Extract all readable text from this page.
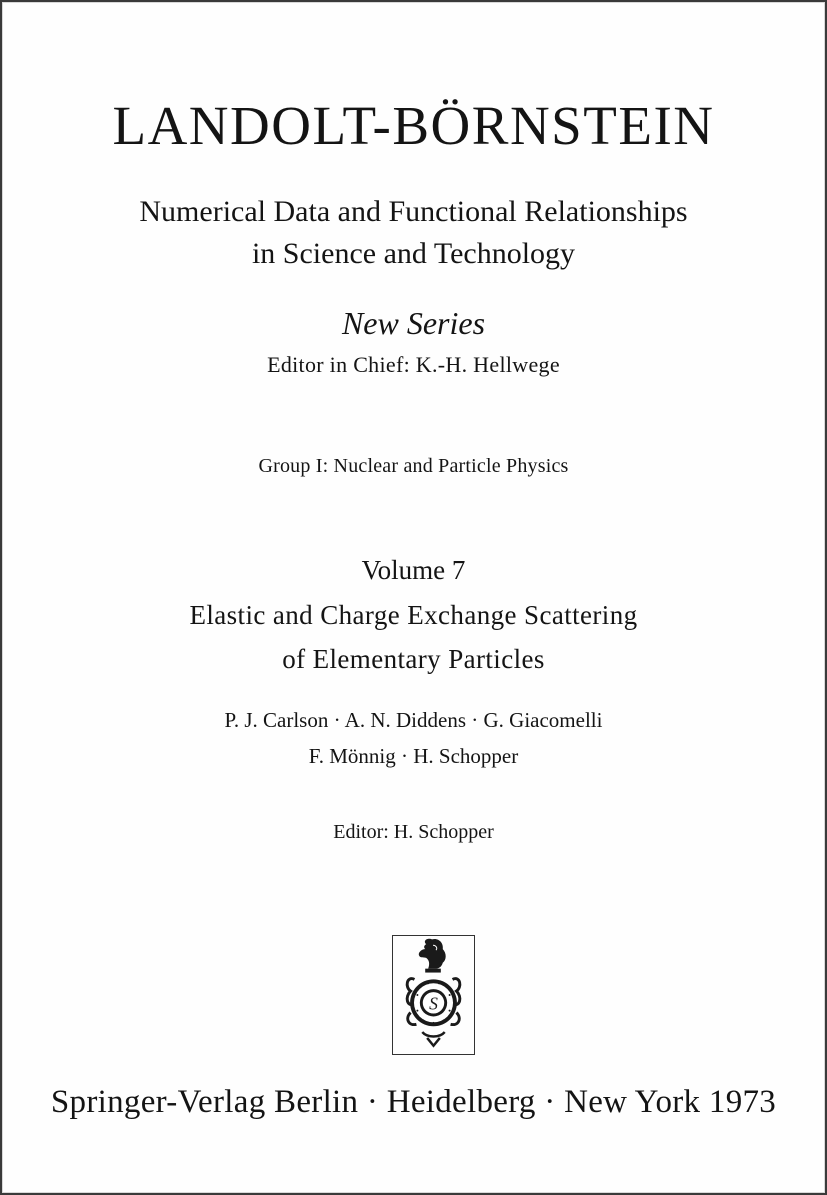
LANDOLT-BÖRNSTEIN
Numerical Data and Functional Relationships
in Science and Technology
New Series
Editor in Chief: K.-H. Hellwege
Group I: Nuclear and Particle Physics
Volume 7
Elastic and Charge Exchange Scattering
of Elementary Particles
P. J. Carlson · A. N. Diddens · G. Giacomelli
F. Mönnig · H. Schopper
Editor: H. Schopper
S
Springer-Verlag Berlin · Heidelberg · New York 1973
